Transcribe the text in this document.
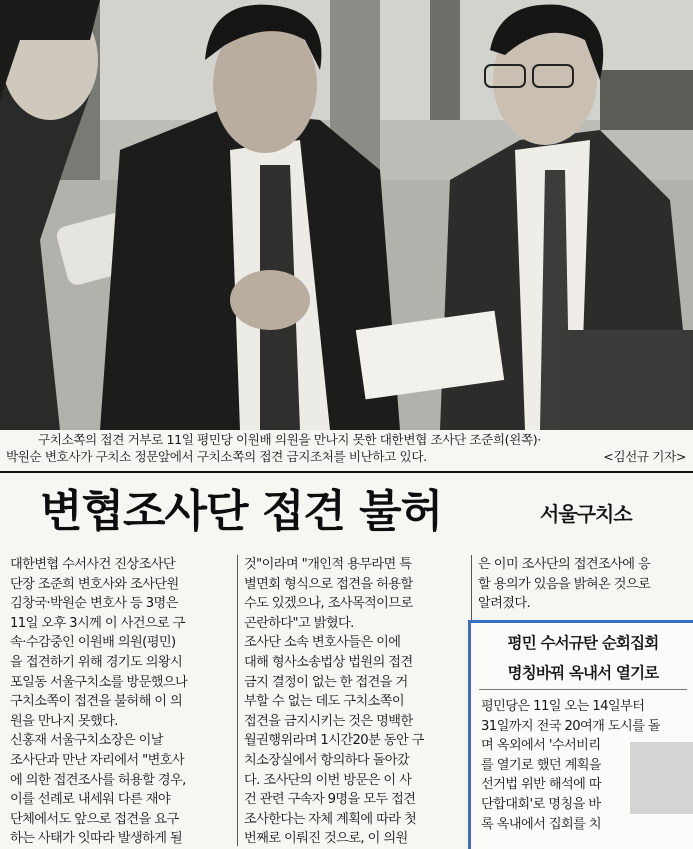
구치소쪽의 접견 거부로 11일 평민당 이원배 의원을 만나지 못한 대한변협 조사단 조준희(왼쪽)·
박원순 변호사가 구치소 정문앞에서 구치소쪽의 접견 금지조처를 비난하고 있다.	<김선규 기자>
변협조사단 접견 불허	서울구치소
대한변협 수서사건 진상조사단
단장 조준희 변호사와 조사단원
김창국·박원순 변호사 등 3명은
11일 오후 3시께 이 사건으로 구
속·수감중인 이원배 의원(평민)
을 접견하기 위해 경기도 의왕시
포일동 서울구치소를 방문했으나
구치소쪽이 접견을 불허해 이 의
원을 만나지 못했다.
신홍재 서울구치소장은 이날
조사단과 만난 자리에서 "변호사
에 의한 접견조사를 허용할 경우,
이를 선례로 내세워 다른 재야
단체에서도 앞으로 접견을 요구
하는 사태가 잇따라 발생하게 될
것"이라며 "개인적 용무라면 특
별면회 형식으로 접견을 허용할
수도 있겠으나, 조사목적이므로
곤란하다"고 밝혔다.
조사단 소속 변호사들은 이에
대해 형사소송법상 법원의 접견
금지 결정이 없는 한 접견을 거
부할 수 없는 데도 구치소쪽이
접견을 금지시키는 것은 명백한
월권행위라며 1시간20분 동안 구
치소장실에서 항의하다 돌아갔
다. 조사단의 이번 방문은 이 사
건 관련 구속자 9명을 모두 접견
조사한다는 자체 계획에 따라 첫
번째로 이뤄진 것으로, 이 의원
은 이미 조사단의 접견조사에 응
할 용의가 있음을 밝혀온 것으로
알려졌다.
평민 수서규탄 순회집회
명칭바꿔 옥내서 열기로
평민당은 11일 오는 14일부터
31일까지 전국 20여개 도시를 돌
며 옥외에서 '수서비리
를 열기로 했던 계획을
선거법 위반 해석에 따
단합대회'로 명칭을 바
록 옥내에서 집회를 치
